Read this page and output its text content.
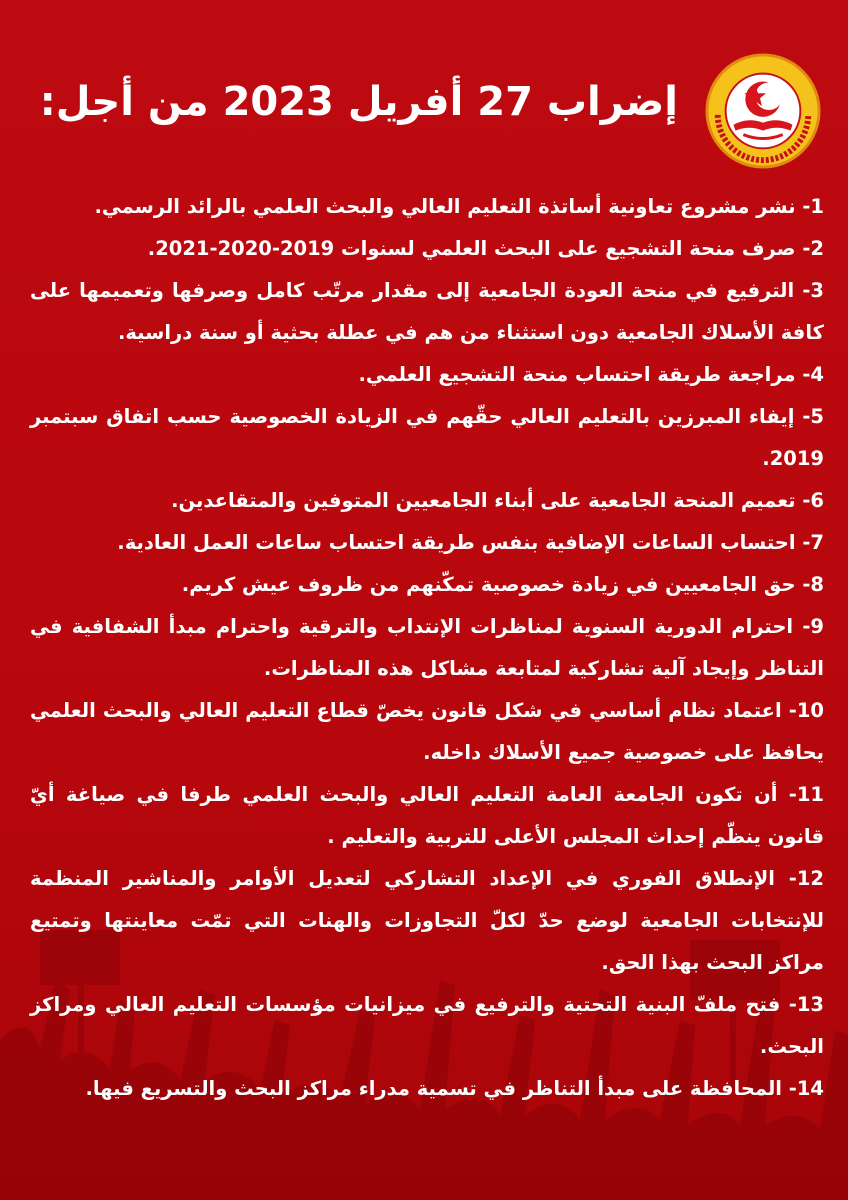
إضراب 27 أفريل 2023 من أجل:
1- نشر مشروع تعاونية أساتذة التعليم العالي والبحث العلمي بالرائد الرسمي.
2- صرف منحة التشجيع على البحث العلمي لسنوات 2019-2020-2021.
3- الترفيع في منحة العودة الجامعية إلى مقدار مرتّب كامل وصرفها وتعميمها على كافة الأسلاك الجامعية دون استثناء من هم في عطلة بحثية أو سنة دراسية.
4- مراجعة طريقة احتساب منحة التشجيع العلمي.
5- إيفاء المبرزين بالتعليم العالي حقّهم في الزيادة الخصوصية حسب اتفاق سبتمبر 2019.
6- تعميم المنحة الجامعية على أبناء الجامعيين المتوفين والمتقاعدين.
7- احتساب الساعات الإضافية بنفس طريقة احتساب ساعات العمل العادية.
8- حق الجامعيين في زيادة خصوصية تمكّنهم من ظروف عيش كريم.
9- احترام الدورية السنوية لمناظرات الإنتداب والترقية واحترام مبدأ الشفافية في التناظر وإيجاد آلية تشاركية لمتابعة مشاكل هذه المناظرات.
10- اعتماد نظام أساسي في شكل قانون يخصّ قطاع التعليم العالي والبحث العلمي يحافظ على خصوصية جميع الأسلاك داخله.
11- أن تكون الجامعة العامة التعليم العالي والبحث العلمي طرفا في صياغة أيّ قانون ينظّم إحداث المجلس الأعلى للتربية والتعليم .
12- الإنطلاق الفوري في الإعداد التشاركي لتعديل الأوامر والمناشير المنظمة للإنتخابات الجامعية لوضع حدّ لكلّ التجاوزات والهنات التي تمّت معاينتها وتمتيع مراكز البحث بهذا الحق.
13- فتح ملفّ البنية التحتية والترفيع في ميزانيات مؤسسات التعليم العالي ومراكز البحث.
14- المحافظة على مبدأ التناظر في تسمية مدراء مراكز البحث والتسريع فيها.
